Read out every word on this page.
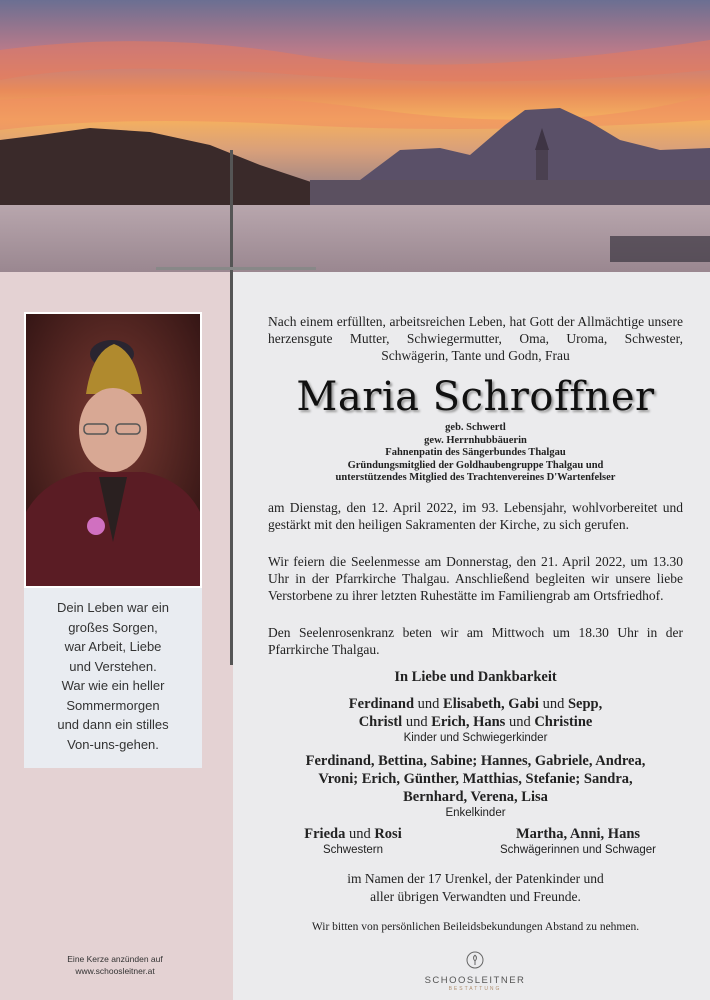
Dein Leben war ein
großes Sorgen,
war Arbeit, Liebe
und Verstehen.
War wie ein heller
Sommermorgen
und dann ein stilles
Von-uns-gehen.
Eine Kerze anzünden auf
www.schoosleitner.at
Nach einem erfüllten, arbeitsreichen Leben, hat Gott der Allmächtige unsere herzensgute Mutter, Schwiegermutter, Oma, Uroma, Schwester, Schwägerin, Tante und Godn, Frau
Maria Schroffner
geb. Schwertl
gew. Herrnhubbäuerin
Fahnenpatin des Sängerbundes Thalgau
Gründungsmitglied der Goldhaubengruppe Thalgau und
unterstützendes Mitglied des Trachtenvereines D'Wartenfelser
am Dienstag, den 12. April 2022, im 93. Lebensjahr, wohlvorbereitet und gestärkt mit den heiligen Sakramenten der Kirche, zu sich gerufen.
Wir feiern die Seelenmesse am Donnerstag, den 21. April 2022, um 13.30 Uhr in der Pfarrkirche Thalgau. Anschließend begleiten wir unsere liebe Verstorbene zu ihrer letzten Ruhestätte im Familiengrab am Ortsfriedhof.
Den Seelenrosenkranz beten wir am Mittwoch um 18.30 Uhr in der Pfarrkirche Thalgau.
In Liebe und Dankbarkeit
Ferdinand und Elisabeth, Gabi und Sepp,
Christl und Erich, Hans und Christine
Kinder und Schwiegerkinder
Ferdinand, Bettina, Sabine; Hannes, Gabriele, Andrea,
Vroni; Erich, Günther, Matthias, Stefanie; Sandra,
Bernhard, Verena, Lisa
Enkelkinder
Frieda und Rosi
Schwestern
Martha, Anni, Hans
Schwägerinnen und Schwager
im Namen der 17 Urenkel, der Patenkinder und
aller übrigen Verwandten und Freunde.
Wir bitten von persönlichen Beileidsbekundungen Abstand zu nehmen.
SCHOOSLEITNER
BESTATTUNG
